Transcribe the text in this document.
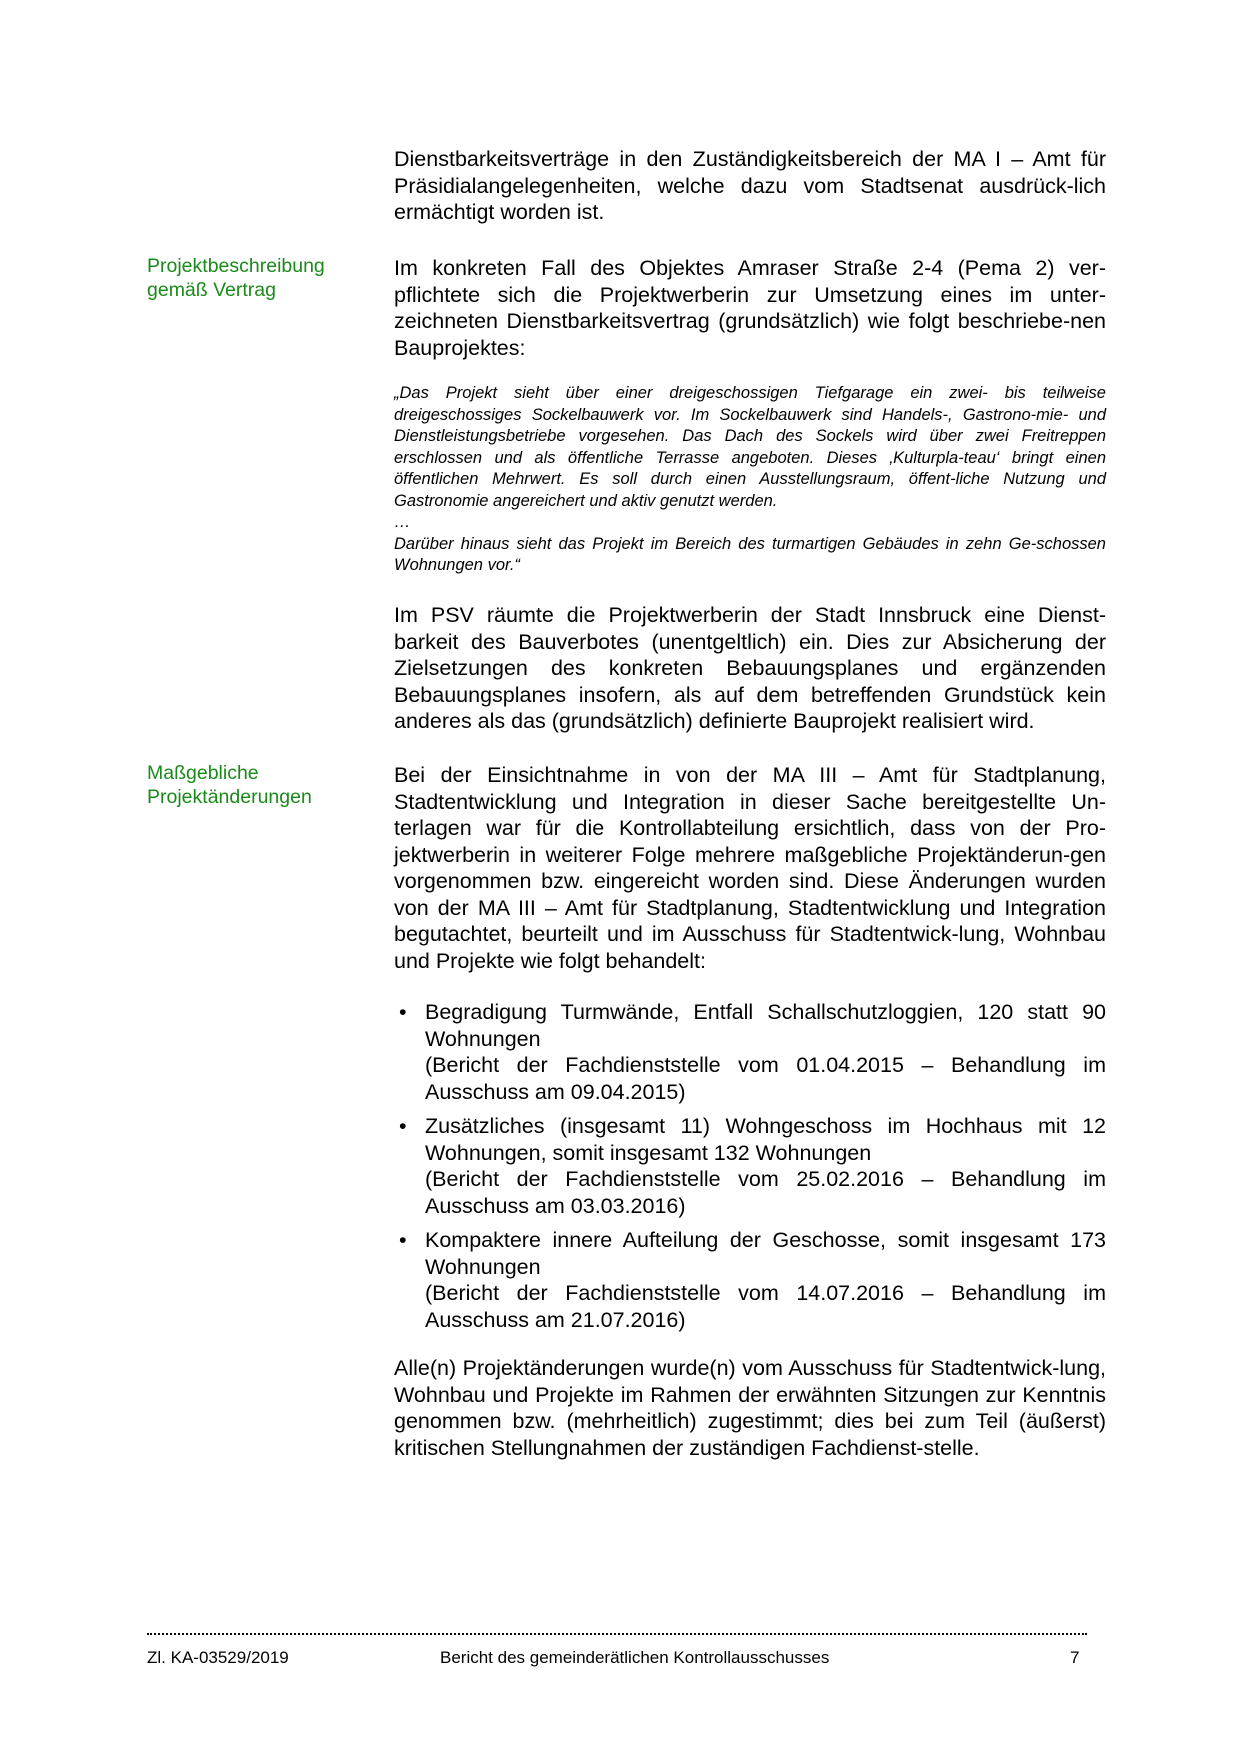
Dienstbarkeitsverträge in den Zuständigkeitsbereich der MA I – Amt für Präsidialangelegenheiten, welche dazu vom Stadtsenat ausdrück-lich ermächtigt worden ist.
Projektbeschreibung
gemäß Vertrag
Im konkreten Fall des Objektes Amraser Straße 2-4 (Pema 2) ver-pflichtete sich die Projektwerberin zur Umsetzung eines im unter-zeichneten Dienstbarkeitsvertrag (grundsätzlich) wie folgt beschriebe-nen Bauprojektes:

„Das Projekt sieht über einer dreigeschossigen Tiefgarage ein zwei- bis teilweise dreigeschossiges Sockelbauwerk vor. Im Sockelbauwerk sind Handels-, Gastrono-mie- und Dienstleistungsbetriebe vorgesehen. Das Dach des Sockels wird über zwei Freitreppen erschlossen und als öffentliche Terrasse angeboten. Dieses ‚Kulturpla-teau‘ bringt einen öffentlichen Mehrwert. Es soll durch einen Ausstellungsraum, öffent-liche Nutzung und Gastronomie angereichert und aktiv genutzt werden.

…

Darüber hinaus sieht das Projekt im Bereich des turmartigen Gebäudes in zehn Ge-schossen Wohnungen vor.“

Im PSV räumte die Projektwerberin der Stadt Innsbruck eine Dienst-barkeit des Bauverbotes (unentgeltlich) ein. Dies zur Absicherung der Zielsetzungen des konkreten Bebauungsplanes und ergänzenden Bebauungsplanes insofern, als auf dem betreffenden Grundstück kein anderes als das (grundsätzlich) definierte Bauprojekt realisiert wird.
Maßgebliche
Projektänderungen
Bei der Einsichtnahme in von der MA III – Amt für Stadtplanung, Stadtentwicklung und Integration in dieser Sache bereitgestellte Un-terlagen war für die Kontrollabteilung ersichtlich, dass von der Pro-jektwerberin in weiterer Folge mehrere maßgebliche Projektänderun-gen vorgenommen bzw. eingereicht worden sind. Diese Änderungen wurden von der MA III – Amt für Stadtplanung, Stadtentwicklung und Integration begutachtet, beurteilt und im Ausschuss für Stadtentwick-lung, Wohnbau und Projekte wie folgt behandelt:
• Begradigung Turmwände, Entfall Schallschutzloggien, 120 statt 90 Wohnungen
(Bericht der Fachdienststelle vom 01.04.2015 – Behandlung im Ausschuss am 09.04.2015)
• Zusätzliches (insgesamt 11) Wohngeschoss im Hochhaus mit 12 Wohnungen, somit insgesamt 132 Wohnungen
(Bericht der Fachdienststelle vom 25.02.2016 – Behandlung im Ausschuss am 03.03.2016)
• Kompaktere innere Aufteilung der Geschosse, somit insgesamt 173 Wohnungen
(Bericht der Fachdienststelle vom 14.07.2016 – Behandlung im Ausschuss am 21.07.2016)
Alle(n) Projektänderungen wurde(n) vom Ausschuss für Stadtentwick-lung, Wohnbau und Projekte im Rahmen der erwähnten Sitzungen zur Kenntnis genommen bzw. (mehrheitlich) zugestimmt; dies bei zum Teil (äußerst) kritischen Stellungnahmen der zuständigen Fachdienst-stelle.
Zl. KA-03529/2019	Bericht des gemeinderätlichen Kontrollausschusses	7
